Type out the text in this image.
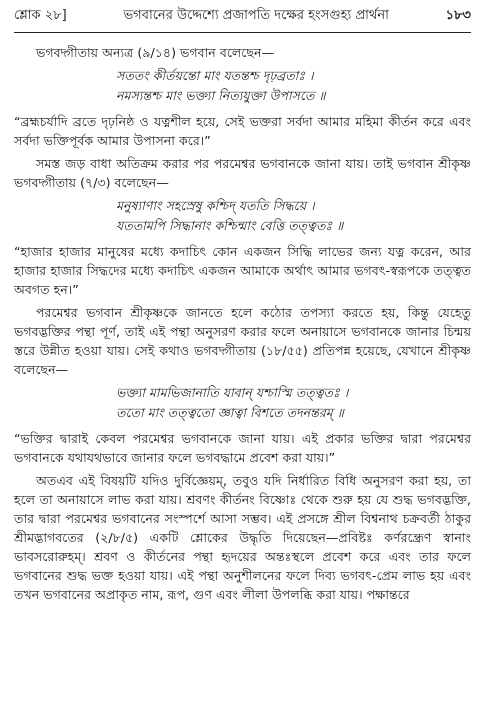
শ্লোক ২৮]	ভগবানের উদ্দেশ্যে প্রজাপতি দক্ষের হংসগুহ্য প্রার্থনা	১৮৩

ভগবদ্গীতায় অন্যত্র (৯/১৪) ভগবান বলেছেন—

সততং কীর্তয়ন্তো মাং যতন্তশ্চ দৃঢ়ব্রতাঃ ।
নমস্যন্তশ্চ মাং ভক্ত্যা নিত্যযুক্তা উপাসতে ॥

“ব্রহ্মচর্যাদি ব্রতে দৃঢ়নিষ্ঠ ও যত্নশীল হয়ে, সেই ভক্তরা সর্বদা আমার মহিমা কীর্তন করে এবং সর্বদা ভক্তিপূর্বক আমার উপাসনা করে।”

সমস্ত জড় বাধা অতিক্রম করার পর পরমেশ্বর ভগবানকে জানা যায়। তাই ভগবান শ্রীকৃষ্ণ ভগবদ্গীতায় (৭/৩) বলেছেন—

মনুষ্যাণাং সহস্রেষু কশ্চিদ্ যততি সিদ্ধয়ে ।
যততামপি সিদ্ধানাং কশ্চিন্মাং বেত্তি তত্ত্বতঃ ॥

“হাজার হাজার মানুষের মধ্যে কদাচিৎ কোন একজন সিদ্ধি লাভের জন্য যত্ন করেন, আর হাজার হাজার সিদ্ধদের মধ্যে কদাচিৎ একজন আমাকে অর্থাৎ আমার ভগবৎ-স্বরূপকে তত্ত্বত অবগত হন।”

পরমেশ্বর ভগবান শ্রীকৃষ্ণকে জানতে হলে কঠোর তপস্যা করতে হয়, কিন্তু যেহেতু ভগবদ্ভক্তির পন্থা পূর্ণ, তাই এই পন্থা অনুসরণ করার ফলে অনায়াসে ভগবানকে জানার চিন্ময় স্তরে উন্নীত হওয়া যায়। সেই কথাও ভগবদ্গীতায় (১৮/৫৫) প্রতিপন্ন হয়েছে, যেখানে শ্রীকৃষ্ণ বলেছেন—

ভক্ত্যা মামভিজানাতি যাবান্ যশ্চাস্মি তত্ত্বতঃ ।
ততো মাং তত্ত্বতো জ্ঞাত্বা বিশতে তদনন্তরম্ ॥

“ভক্তির দ্বারাই কেবল পরমেশ্বর ভগবানকে জানা যায়। এই প্রকার ভক্তির দ্বারা পরমেশ্বর ভগবানকে যথাযথভাবে জানার ফলে ভগবদ্ধামে প্রবেশ করা যায়।”

অতএব এই বিষয়টি যদিও দুর্বিজ্ঞেয়ম্, তবুও যদি নির্ধারিত বিধি অনুসরণ করা হয়, তা হলে তা অনায়াসে লাভ করা যায়। শ্রবণং কীর্তনং বিষ্ণোঃ থেকে শুরু হয় যে শুদ্ধ ভগবদ্ভক্তি, তার দ্বারা পরমেশ্বর ভগবানের সংস্পর্শে আসা সম্ভব। এই প্রসঙ্গে শ্রীল বিশ্বনাথ চক্রবর্তী ঠাকুর শ্রীমদ্ভাগবতের (২/৮/৫) একটি শ্লোকের উদ্ধৃতি দিয়েছেন—প্রবিষ্টঃ কর্ণরন্ধ্রেণ স্বানাং ভাবসরোরুহম্। শ্রবণ ও কীর্তনের পন্থা হৃদয়ের অন্তঃস্থলে প্রবেশ করে এবং তার ফলে ভগবানের শুদ্ধ ভক্ত হওয়া যায়। এই পন্থা অনুশীলনের ফলে দিব্য ভগবৎ-প্রেম লাভ হয় এবং তখন ভগবানের অপ্রাকৃত নাম, রূপ, গুণ এবং লীলা উপলব্ধি করা যায়। পক্ষান্তরে
